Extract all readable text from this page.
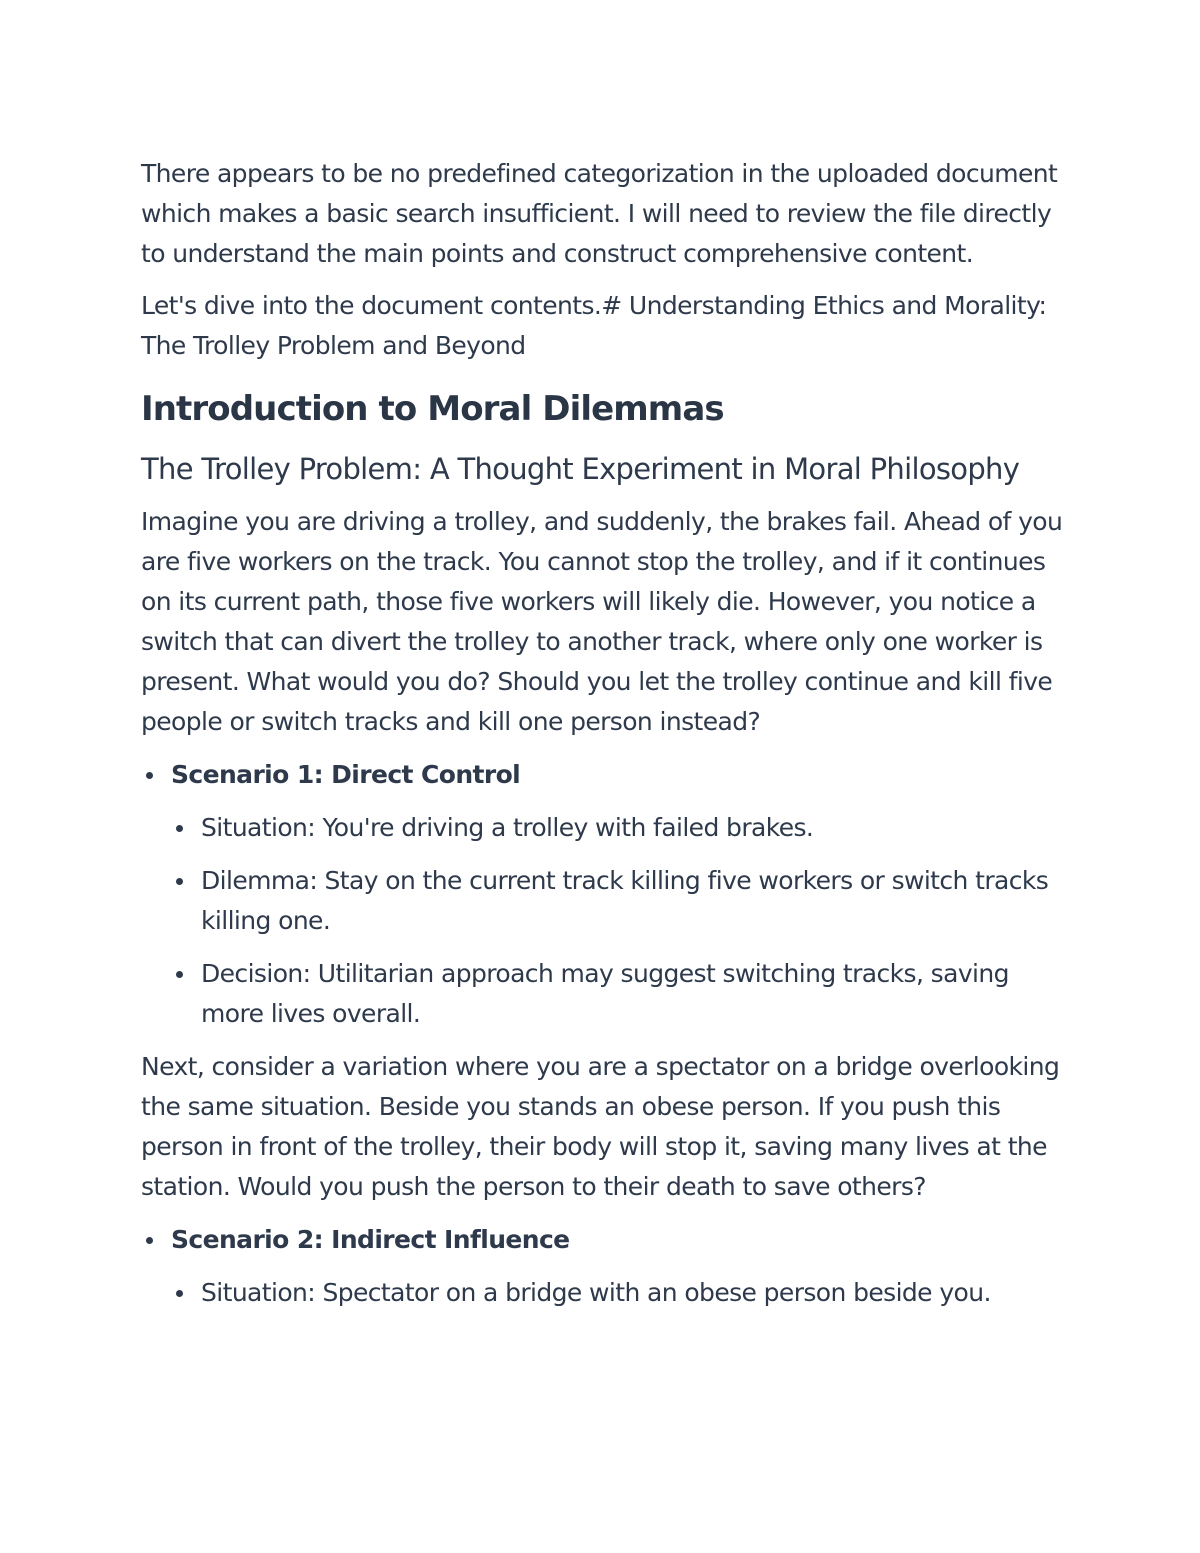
There appears to be no predefined categorization in the uploaded document which makes a basic search insufficient. I will need to review the file directly to understand the main points and construct comprehensive content.

Let's dive into the document contents.# Understanding Ethics and Morality: The Trolley Problem and Beyond

Introduction to Moral Dilemmas
The Trolley Problem: A Thought Experiment in Moral Philosophy

Imagine you are driving a trolley, and suddenly, the brakes fail. Ahead of you are five workers on the track. You cannot stop the trolley, and if it continues on its current path, those five workers will likely die. However, you notice a switch that can divert the trolley to another track, where only one worker is present. What would you do? Should you let the trolley continue and kill five people or switch tracks and kill one person instead?

Scenario 1: Direct Control
Situation: You're driving a trolley with failed brakes.
Dilemma: Stay on the current track killing five workers or switch tracks killing one.
Decision: Utilitarian approach may suggest switching tracks, saving more lives overall.

Next, consider a variation where you are a spectator on a bridge overlooking the same situation. Beside you stands an obese person. If you push this person in front of the trolley, their body will stop it, saving many lives at the station. Would you push the person to their death to save others?

Scenario 2: Indirect Influence
Situation: Spectator on a bridge with an obese person beside you.
